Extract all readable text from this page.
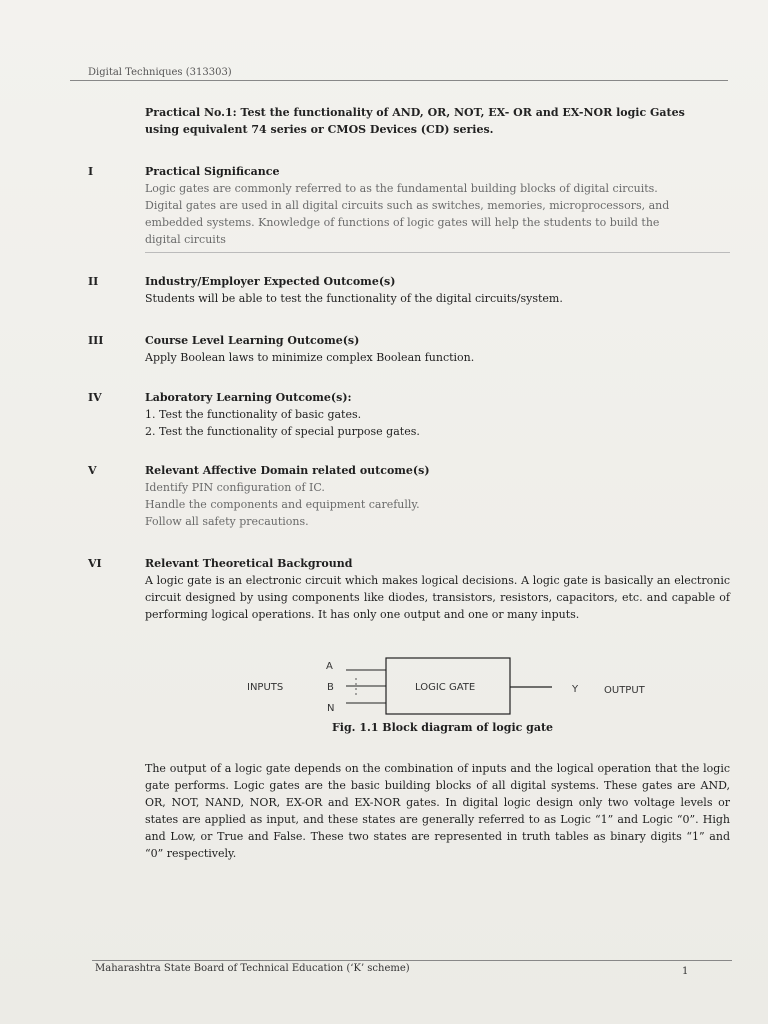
Digital Techniques (313303)
Practical No.1: Test the functionality of AND, OR, NOT, EX- OR and EX-NOR logic Gates using equivalent 74 series or CMOS Devices (CD) series.
I	Practical Significance
Logic gates are commonly referred to as the fundamental building blocks of digital circuits.
Digital gates are used in all digital circuits such as switches, memories, microprocessors, and
embedded systems. Knowledge of functions of logic gates will help the students to build the
digital circuits
II	Industry/Employer Expected Outcome(s)
Students will be able to test the functionality of the digital circuits/system.
III	Course Level Learning Outcome(s)
Apply Boolean laws to minimize complex Boolean function.
IV	Laboratory Learning Outcome(s):
1. Test the functionality of basic gates.
2. Test the functionality of special purpose gates.
V	Relevant Affective Domain related outcome(s)
Identify PIN configuration of IC.
Handle the components and equipment carefully.
Follow all safety precautions.
VI	Relevant Theoretical Background
A logic gate is an electronic circuit which makes logical decisions. A logic gate is basically an electronic circuit designed by using components like diodes, transistors, resistors, capacitors, etc. and capable of performing logical operations. It has only one output and one or many inputs.
INPUTS
A
B
N
LOGIC GATE	Y	OUTPUT
Fig. 1.1 Block diagram of logic gate
The output of a logic gate depends on the combination of inputs and the logical operation that the logic gate performs. Logic gates are the basic building blocks of all digital systems. These gates are AND, OR, NOT, NAND, NOR, EX-OR and EX-NOR gates. In digital logic design only two voltage levels or states are applied as input, and these states are generally referred to as Logic “1” and Logic “0”. High and Low, or True and False. These two states are represented in truth tables as binary digits “1” and “0” respectively.
Maharashtra State Board of Technical Education (‘K’ scheme)	1
